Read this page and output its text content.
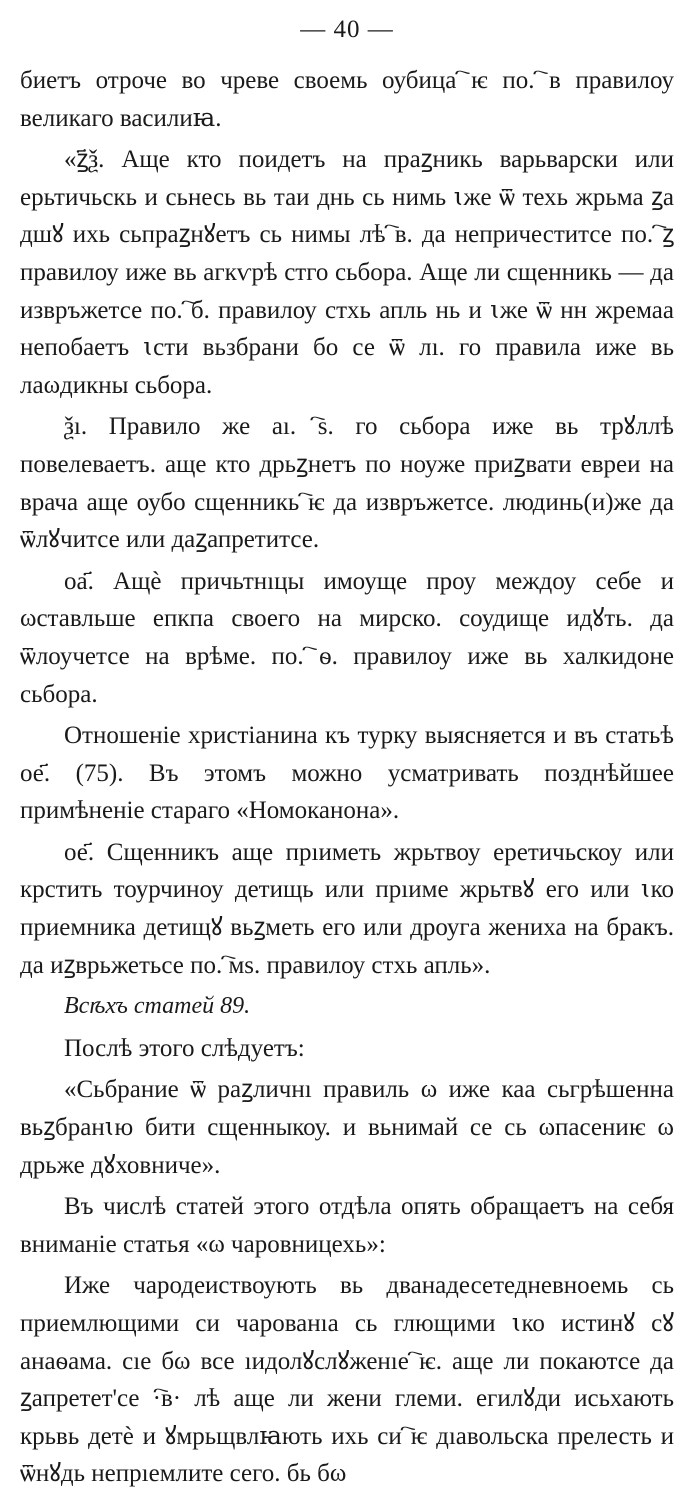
— 40 —

биетъ отроче во чреве своемь оубица ҇ѥ по. ҇в правилоу великаго василиꙗ.

«ꙁ҃ѯ. Аще кто поидетъ на праꙁникь варьварски или ерьтичьскь и сьнесь вь таи днь сь нимь ꙇже ѿ техь жрьма ꙁа дшꙋ ихь сьпраꙁнꙋетъ сь нимы лѣ ҇в. да непричеститсе по. ҇ꙁ правилоу иже вь агкѵрѣ стго сьбора. Аще ли сщенникь — да извръжетсе по. ҇б. правилоу стхь апль нь и ꙇже ѿ нн жремаа непобаетъ ꙇсти вьзбрани бо се ѿ лı. го правила иже вь лаωдикны сьбора.

ѯı. Правило же аı. ҇ѕ. го сьбора иже вь трꙋллѣ повелеваетъ. аще кто дрьꙁнетъ по ноуже приꙁвати евреи на врача аще оубо сщенникь ҇ѥ да извръжетсе. людинь(и)же да ѿлꙋчитсе или даꙁапретитсе.

оа҃. Ащѐ причьтнıцы имоуще проу междоу себе и ωставльше епкпа своего на мирско. соудище идꙋть. да ѿлоучетсе на врѣме. по. ҇ѳ. правилоу иже вь халкидоне сьбора.

Отношенiе христіанина къ турку выясняется и въ статьѣ ое҃. (75). Въ этомъ можно усматривать позднѣйшее примѣненiе стараго «Номоканона».

ое҃. Сщенникъ аще прıиметь жрьтвоу еретичьскоу или крстить тоурчиноу детищь или прıиме жрьтвꙋ его или ꙇко приемника детищꙋ вьꙁметь его или дроуга жениха на бракъ. да иꙁврьжетьсе по. ҇мѕ. правилоу стхь апль».

Всѣхъ статей 89.

Послѣ этого слѣдуетъ:

«Сьбрание ѿ раꙁличнı правиль ω иже каа сьгрѣшенна вьꙁбранꙇю бити сщенныкоу. и вьнимай се сь ωпасениѥ ω дрьже дꙋховниче».

Въ числѣ статей этого отдѣла опять обращаетъ на себя вниманiе статья «ω чаровницехь»:

Иже чародеиствоують вь дванадесетедневноемь сь приемлющими си чарованıа сь глющими ꙇко истинꙋ сꙋ анаѳама. сıе бω все ıидолꙋслꙋженıе ҇ѥ. аще ли покаютсе да ꙁапретет'се ·҇в· лѣ аще ли жени глеми. егилꙋди исьхають крьвь детѐ и ꙋмрьщвлꙗють ихь си ҇ѥ дıавольска прелесть и ѿнꙋдь непрıемлите сего. бь бω
